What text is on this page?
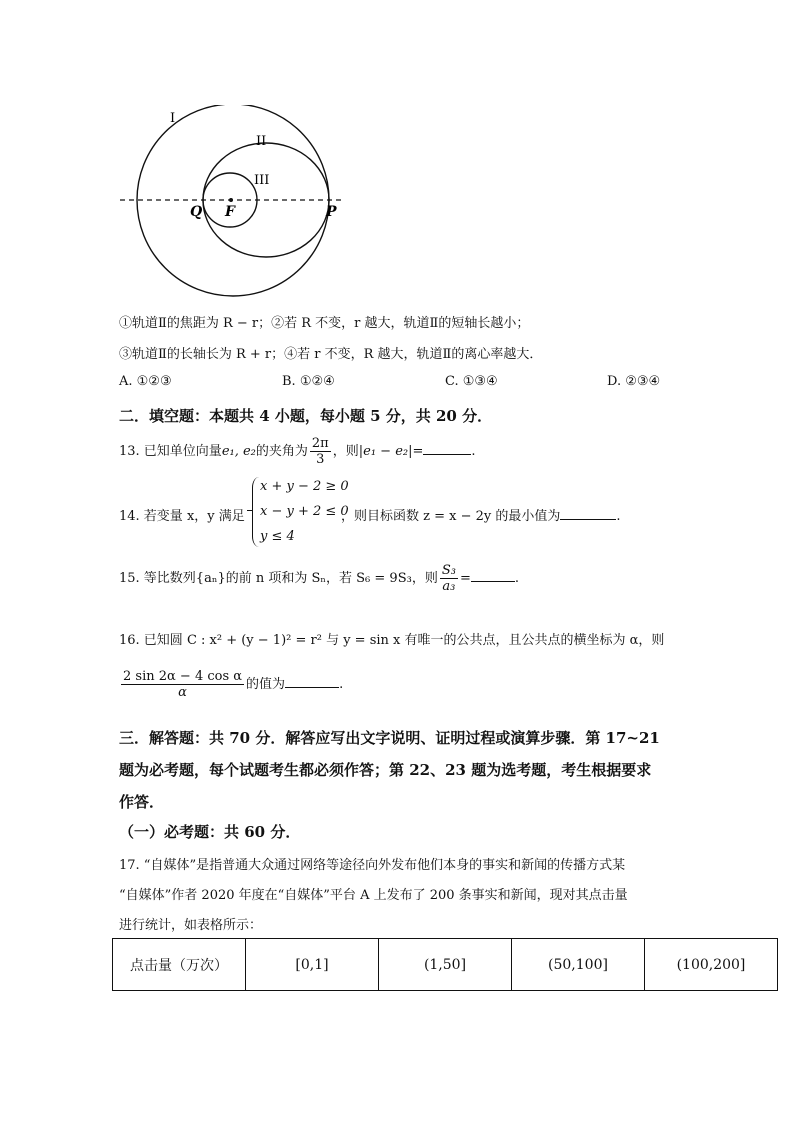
I
II
III
Q F	P
①轨道Ⅱ的焦距为 R − r；②若 R 不变，r 越大，轨道Ⅱ的短轴长越小；
③轨道Ⅱ的长轴长为 R + r；④若 r 不变，R 越大，轨道Ⅱ的离心率越大．
A. ①②③	B. ①②④	C. ①③④	D. ②③④
二．填空题：本题共 4 小题，每小题 5 分，共 20 分．
13. 已知单位向量e₁, e₂的夹角为 $\frac{2\pi}{3}$ ，则|e₁ − e₂|=	.
14. 若变量 x，y 满足
x + y − 2 ≥ 0
x − y + 2 ≤ 0
y ≤ 4
，则目标函数 z = x − 2y 的最小值为	.
15. 等比数列{aₙ}的前 n 项和为 Sₙ，若 S₆ = 9S₃，则 $\frac{\text{S₃}}{\text{a₃}}$ =	.
16. 已知圆 C : x² + (y − 1)² = r² 与 y = sin x 有唯一的公共点，且公共点的横坐标为 α，则
$\frac{\text{2 sin 2α − 4 cos α}}{\alpha}$ 的值为	.
三．解答题：共 70 分．解答应写出文字说明、证明过程或演算步骤．第 17~21
题为必考题，每个试题考生都必须作答；第 22、23 题为选考题，考生根据要求
作答．
（一）必考题：共 60 分．
17. “自媒体”是指普通大众通过网络等途径向外发布他们本身的事实和新闻的传播方式某
“自媒体”作者 2020 年度在“自媒体”平台 A 上发布了 200 条事实和新闻，现对其点击量
进行统计，如表格所示：
点击量（万次）	[0,1]	(1,50]	(50,100]	(100,200]
